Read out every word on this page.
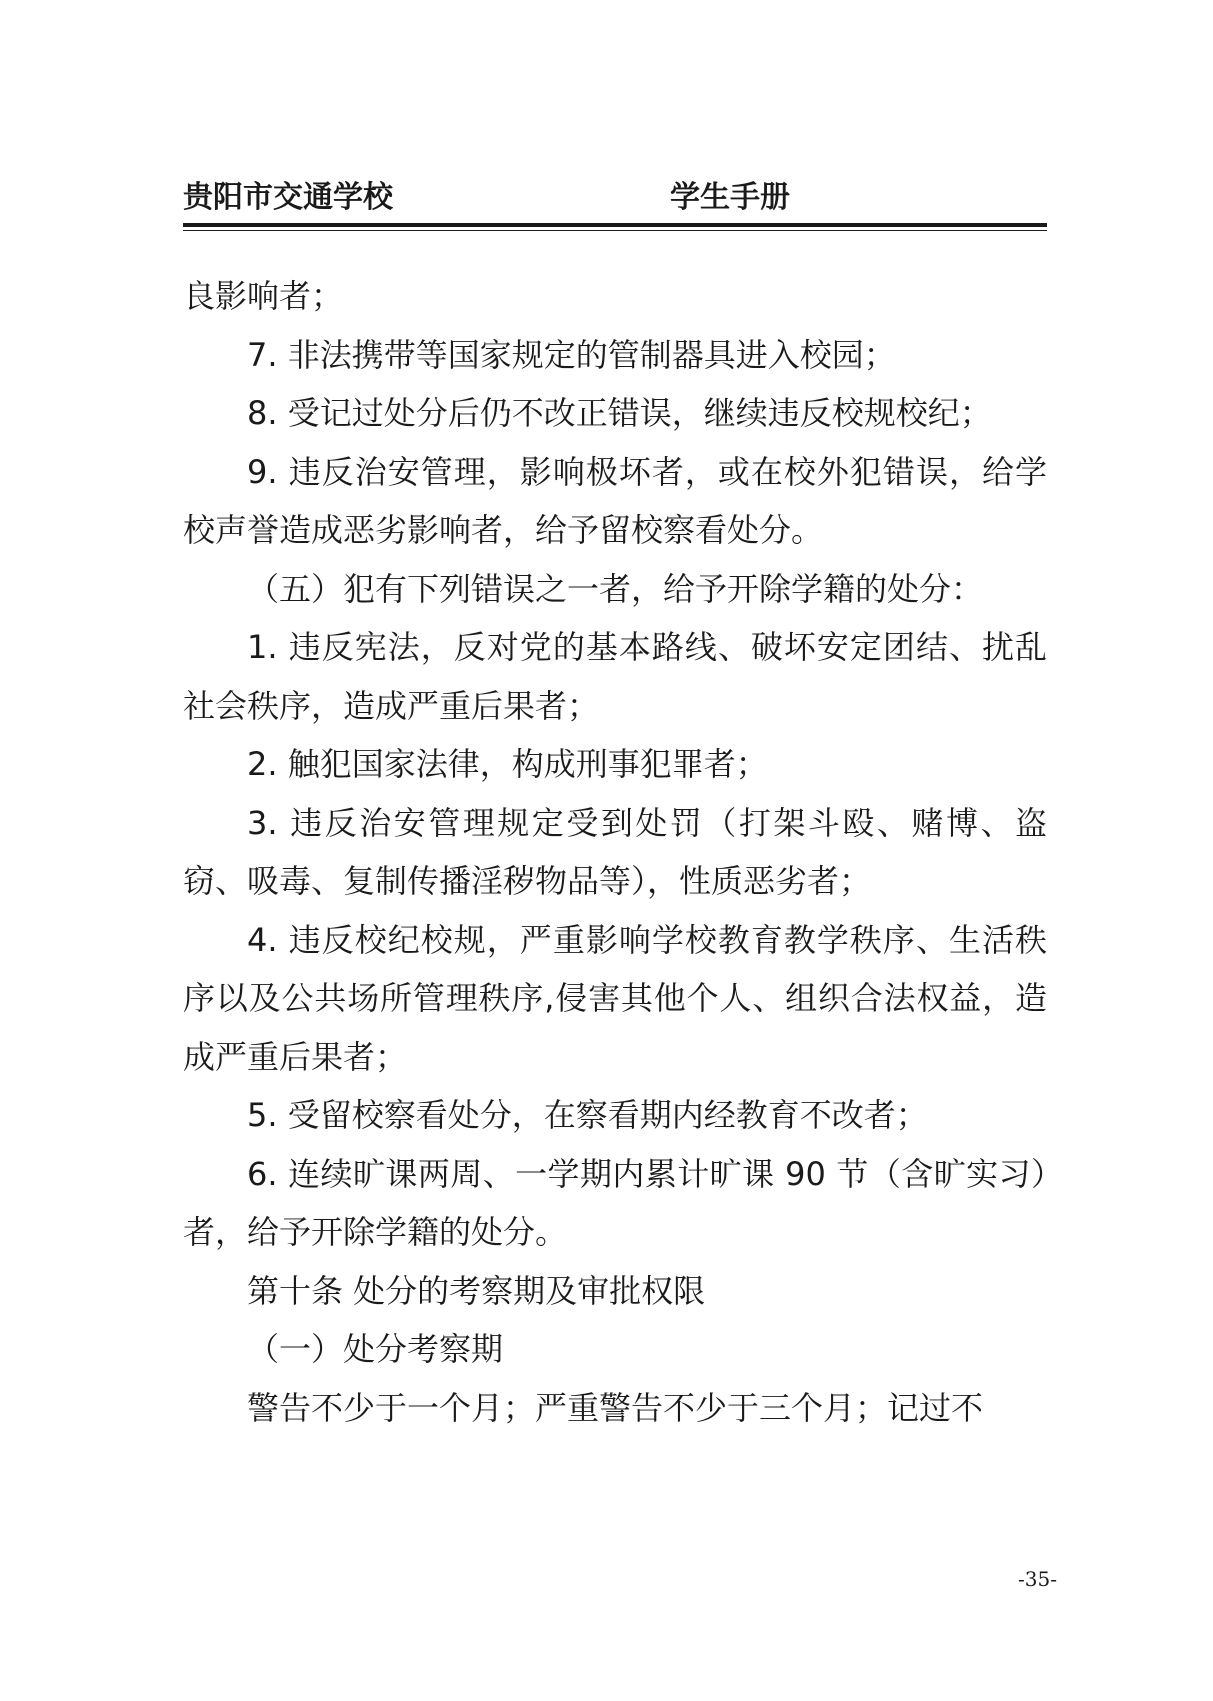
贵阳市交通学校	学生手册

良影响者；

7. 非法携带等国家规定的管制器具进入校园；

8. 受记过处分后仍不改正错误，继续违反校规校纪；

9. 违反治安管理，影响极坏者，或在校外犯错误，给学校声誉造成恶劣影响者，给予留校察看处分。

（五）犯有下列错误之一者，给予开除学籍的处分：

1. 违反宪法，反对党的基本路线、破坏安定团结、扰乱社会秩序，造成严重后果者；

2. 触犯国家法律，构成刑事犯罪者；

3. 违反治安管理规定受到处罚（打架斗殴、赌博、盗窃、吸毒、复制传播淫秽物品等），性质恶劣者；

4. 违反校纪校规，严重影响学校教育教学秩序、生活秩序以及公共场所管理秩序,侵害其他个人、组织合法权益，造成严重后果者；

5. 受留校察看处分，在察看期内经教育不改者；

6. 连续旷课两周、一学期内累计旷课 90 节（含旷实习）者，给予开除学籍的处分。

第十条 处分的考察期及审批权限

（一）处分考察期

警告不少于一个月；严重警告不少于三个月；记过不

-35-
